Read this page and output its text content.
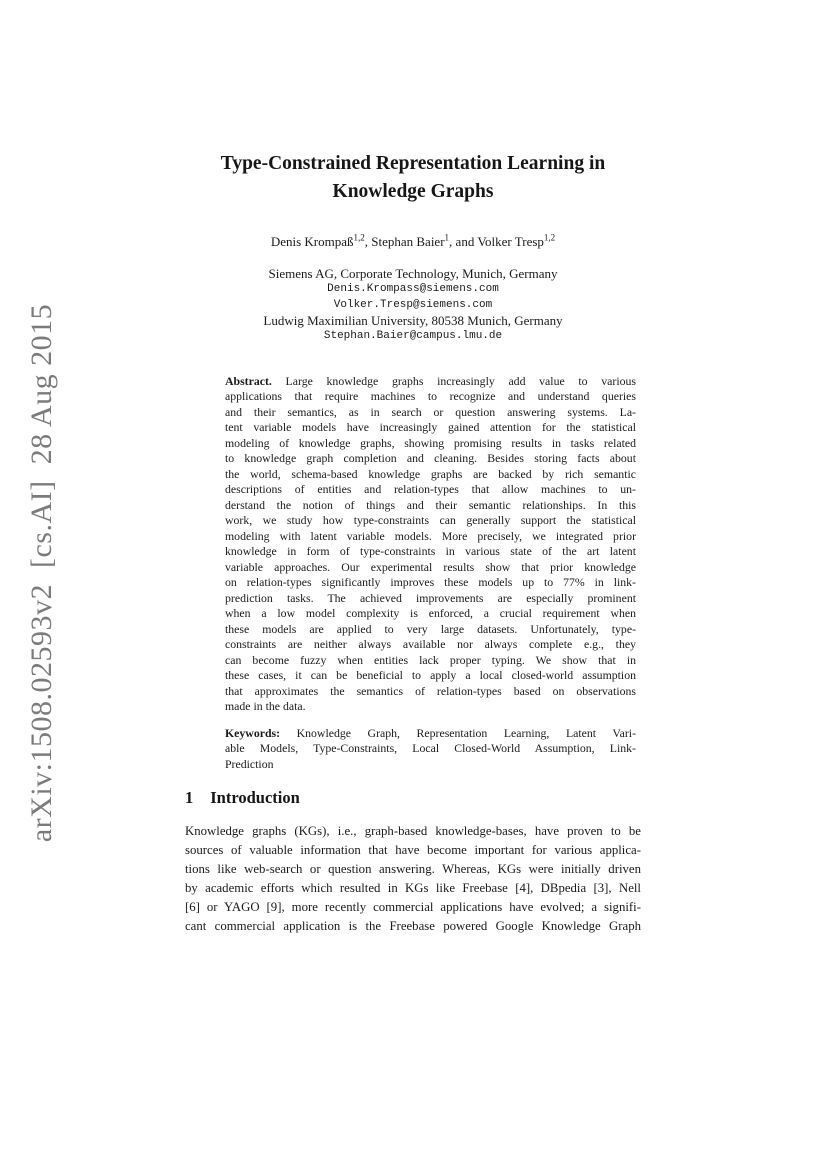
arXiv:1508.02593v2  [cs.AI]  28 Aug 2015
Type-Constrained Representation Learning in
Knowledge Graphs
Denis Krompaß$^{1,2}$, Stephan Baier$^1$, and Volker Tresp$^{1,2}$
Siemens AG, Corporate Technology, Munich, Germany
Denis.Krompass@siemens.com
Volker.Tresp@siemens.com
Ludwig Maximilian University, 80538 Munich, Germany
Stephan.Baier@campus.lmu.de
Abstract. Large knowledge graphs increasingly add value to various
applications that require machines to recognize and understand queries
and their semantics, as in search or question answering systems. La-
tent variable models have increasingly gained attention for the statistical
modeling of knowledge graphs, showing promising results in tasks related
to knowledge graph completion and cleaning. Besides storing facts about
the world, schema-based knowledge graphs are backed by rich semantic
descriptions of entities and relation-types that allow machines to un-
derstand the notion of things and their semantic relationships. In this
work, we study how type-constraints can generally support the statistical
modeling with latent variable models. More precisely, we integrated prior
knowledge in form of type-constraints in various state of the art latent
variable approaches. Our experimental results show that prior knowledge
on relation-types significantly improves these models up to 77% in link-
prediction tasks. The achieved improvements are especially prominent
when a low model complexity is enforced, a crucial requirement when
these models are applied to very large datasets. Unfortunately, type-
constraints are neither always available nor always complete e.g., they
can become fuzzy when entities lack proper typing. We show that in
these cases, it can be beneficial to apply a local closed-world assumption
that approximates the semantics of relation-types based on observations
made in the data.
Keywords: Knowledge Graph, Representation Learning, Latent Vari-
able Models, Type-Constraints, Local Closed-World Assumption, Link-
Prediction
1 Introduction
Knowledge graphs (KGs), i.e., graph-based knowledge-bases, have proven to be
sources of valuable information that have become important for various applica-
tions like web-search or question answering. Whereas, KGs were initially driven
by academic efforts which resulted in KGs like Freebase [4], DBpedia [3], Nell
[6] or YAGO [9], more recently commercial applications have evolved; a signifi-
cant commercial application is the Freebase powered Google Knowledge Graph
